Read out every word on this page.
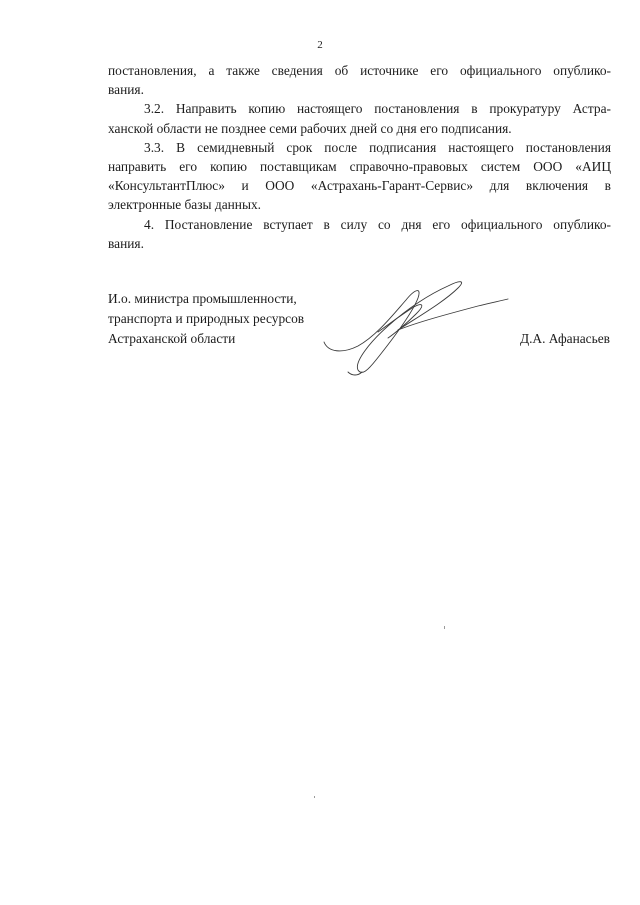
2
постановления, а также сведения об источнике его официального опублико-
вания.
3.2. Направить копию настоящего постановления в прокуратуру Астра-
ханской области не позднее семи рабочих дней со дня его подписания.
3.3. В семидневный срок после подписания настоящего постановления
направить его копию поставщикам справочно-правовых систем ООО «АИЦ
«КонсультантПлюс» и ООО «Астрахань-Гарант-Сервис» для включения в
электронные базы данных.
4. Постановление вступает в силу со дня его официального опублико-
вания.
И.о. министра промышленности,
транспорта и природных ресурсов
Астраханской области	Д.А. Афанасьев
